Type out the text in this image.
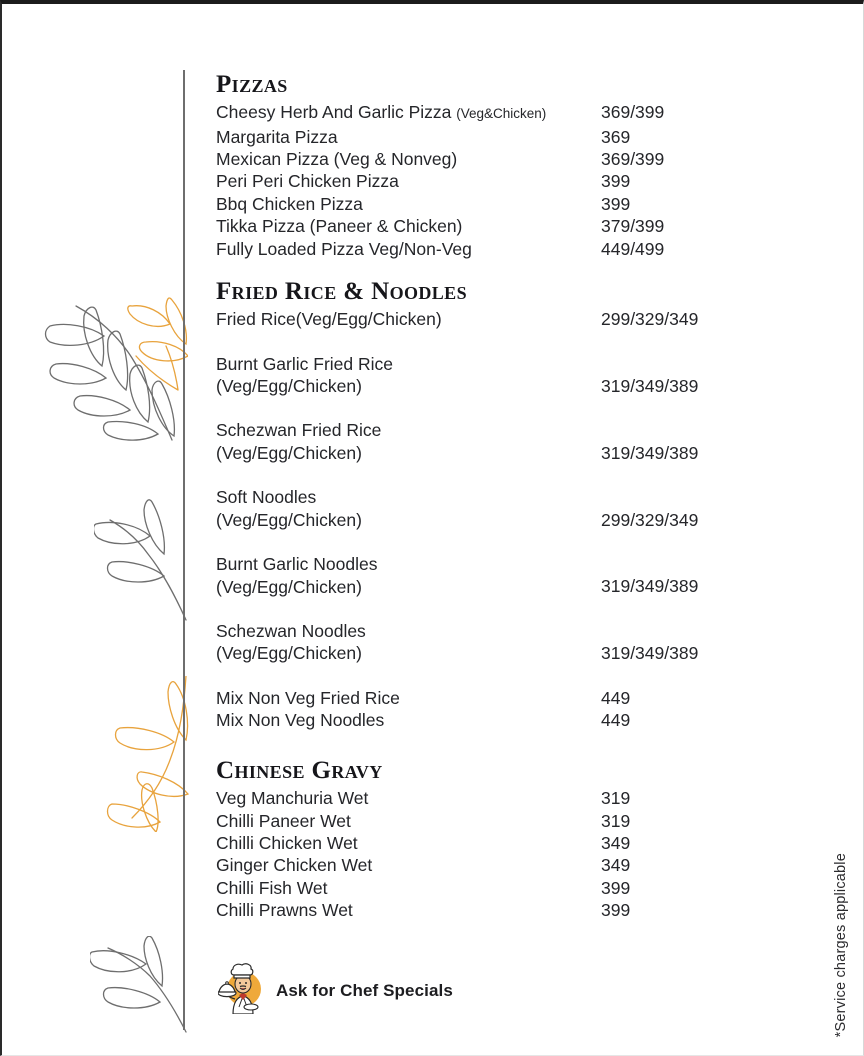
Pizzas
Cheesy Herb And Garlic Pizza (Veg&Chicken)	369/399
Margarita Pizza	369
Mexican Pizza (Veg & Nonveg)	369/399
Peri Peri Chicken Pizza	399
Bbq Chicken Pizza	399
Tikka Pizza (Paneer & Chicken)	379/399
Fully Loaded Pizza Veg/Non-Veg	449/499
Fried Rice & Noodles
Fried Rice(Veg/Egg/Chicken)	299/329/349
Burnt Garlic Fried Rice
(Veg/Egg/Chicken)	319/349/389
Schezwan Fried Rice
(Veg/Egg/Chicken)	319/349/389
Soft Noodles
(Veg/Egg/Chicken)	299/329/349
Burnt Garlic Noodles
(Veg/Egg/Chicken)	319/349/389
Schezwan Noodles
(Veg/Egg/Chicken)	319/349/389
Mix Non Veg Fried Rice	449
Mix Non Veg Noodles	449
Chinese Gravy
Veg Manchuria Wet	319
Chilli Paneer Wet	319
Chilli Chicken Wet	349
Ginger Chicken Wet	349
Chilli Fish Wet	399
Chilli Prawns Wet	399
Ask for Chef Specials	*Service charges applicable
